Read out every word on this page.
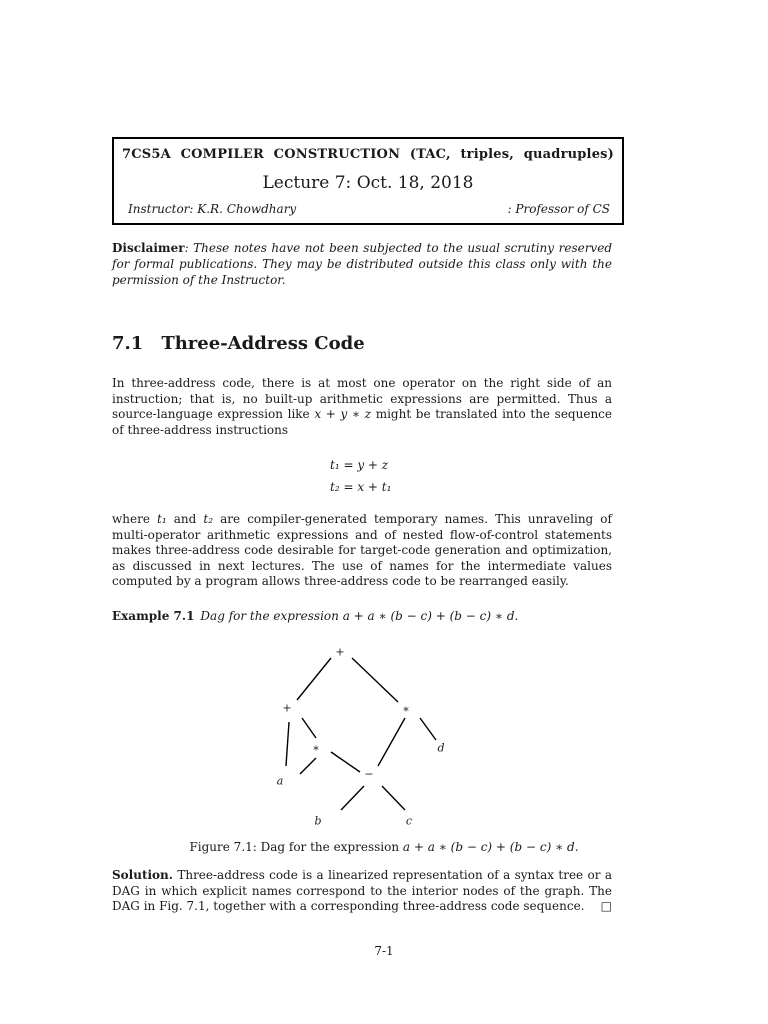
7CS5A COMPILER CONSTRUCTION (TAC, triples, quadruples)
Lecture 7: Oct. 18, 2018
Instructor: K.R. Chowdhary	: Professor of CS
Disclaimer: These notes have not been subjected to the usual scrutiny reserved for formal publications. They may be distributed outside this class only with the permission of the Instructor.
7.1 Three-Address Code
In three-address code, there is at most one operator on the right side of an instruction; that is, no built-up arithmetic expressions are permitted. Thus a source-language expression like x + y ∗ z might be translated into the sequence of three-address instructions
t₁ = y + z
t₂ = x + t₁
where t₁ and t₂ are compiler-generated temporary names. This unraveling of multi-operator arithmetic expressions and of nested flow-of-control statements makes three-address code desirable for target-code generation and optimization, as discussed in next lectures. The use of names for the intermediate values computed by a program allows three-address code to be rearranged easily.
Example 7.1 Dag for the expression a + a ∗ (b − c) + (b − c) ∗ d.
+
+	∗
∗
−
a
d
b	c
Figure 7.1: Dag for the expression a + a ∗ (b − c) + (b − c) ∗ d.
Solution. Three-address code is a linearized representation of a syntax tree or a DAG in which explicit names correspond to the interior nodes of the graph. The DAG in Fig. 7.1, together with a corresponding three-address code sequence. □
7-1
